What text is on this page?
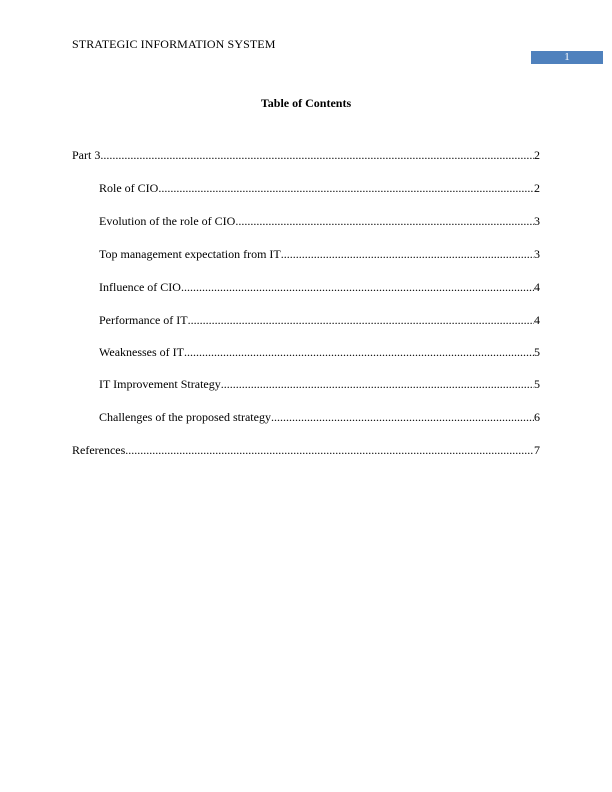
STRATEGIC INFORMATION SYSTEM
1
Table of Contents
Part 3 .....	2
Role of CIO .....	2
Evolution of the role of CIO .....	3
Top management expectation from IT .....	3
Influence of CIO .....	4
Performance of IT .....	4
Weaknesses of IT .....	5
IT Improvement Strategy .....	5
Challenges of the proposed strategy .....	6
References .....	7
